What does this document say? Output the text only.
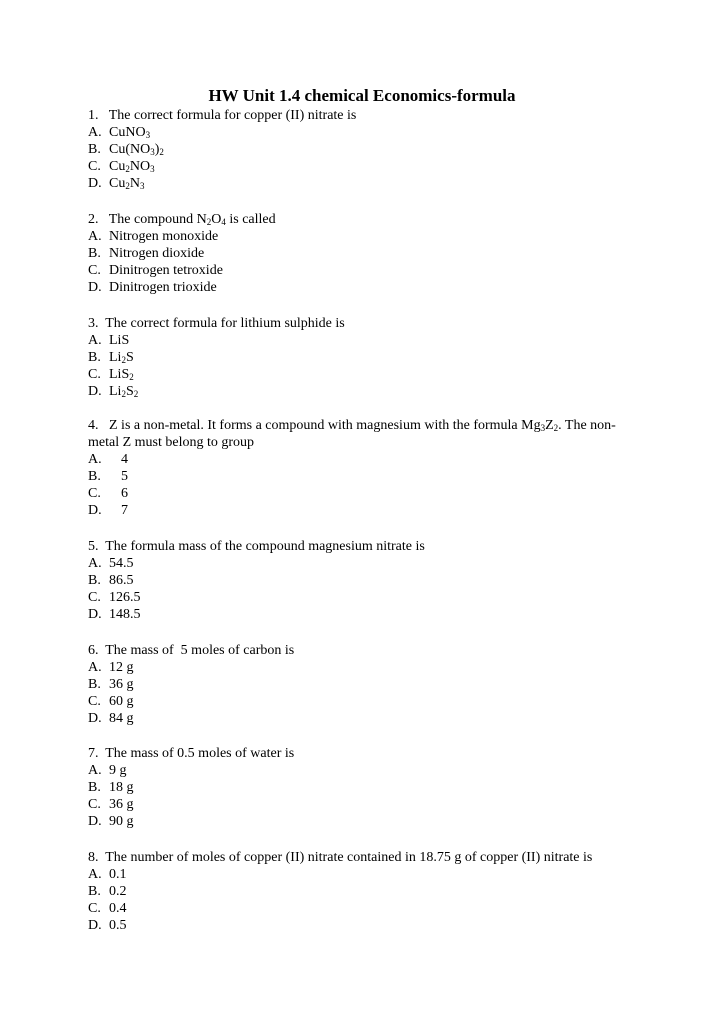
HW Unit 1.4 chemical Economics-formula
1.   The correct formula for copper (II) nitrate is
A. CuNO$_3$
B. $Cu(NO_3)_2$
C. $Cu_2NO_3$
D. $Cu_2N_3$
2.   The compound $N_2O_4$ is called
A. Nitrogen monoxide
B. Nitrogen dioxide
C. Dinitrogen tetroxide
D. Dinitrogen trioxide
3.  The correct formula for lithium sulphide is
A. LiS
B. $Li_2S$
C. LiS$_2$
D. $Li_2S_2$
4.   Z is a non-metal. It forms a compound with magnesium with the formula $Mg_3Z_2$. The non-
metal Z must belong to group
A. 4
B. 5
C. 6
D. 7
5.  The formula mass of the compound magnesium nitrate is
A. 54.5
B. 86.5
C. 126.5
D. 148.5
6.  The mass of  5 moles of carbon is
A. 12 g
B. 36 g
C. 60 g
D. 84 g
7.  The mass of 0.5 moles of water is
A. 9 g
B. 18 g
C. 36 g
D. 90 g
8.  The number of moles of copper (II) nitrate contained in 18.75 g of copper (II) nitrate is
A. 0.1
B. 0.2
C. 0.4
D. 0.5
